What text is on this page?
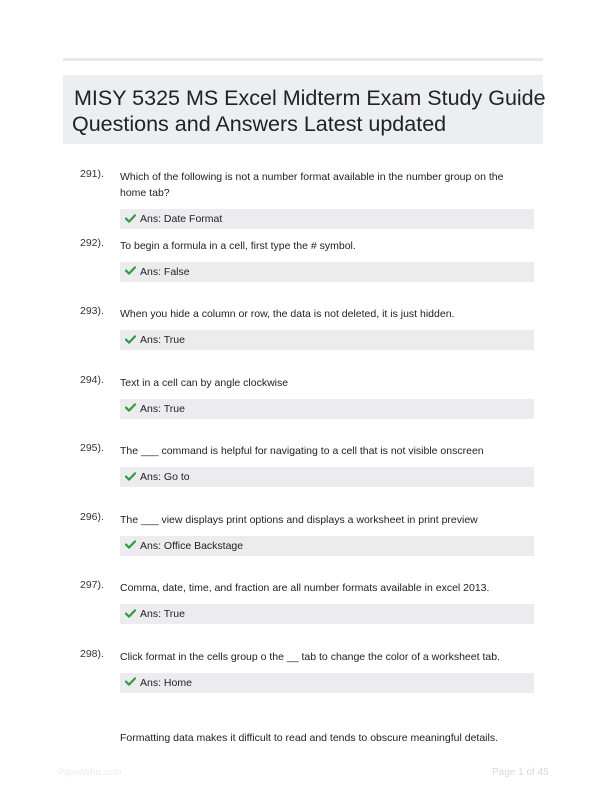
MISY 5325 MS Excel Midterm Exam Study Guide
Questions and Answers Latest updated
291). Which of the following is not a number format available in the number group on the home tab?
Ans: Date Format
292). To begin a formula in a cell, first type the # symbol.
Ans: False
293). When you hide a column or row, the data is not deleted, it is just hidden.
Ans: True
294). Text in a cell can by angle clockwise
Ans: True
295). The ___ command is helpful for navigating to a cell that is not visible onscreen
Ans: Go to
296). The ___ view displays print options and displays a worksheet in print preview
Ans: Office Backstage
297). Comma, date, time, and fraction are all number formats available in excel 2013.
Ans: True
298). Click format in the cells group o the __ tab to change the color of a worksheet tab.
Ans: Home
Formatting data makes it difficult to read and tends to obscure meaningful details.
PaperWhiz.com	Page 1 of 45
